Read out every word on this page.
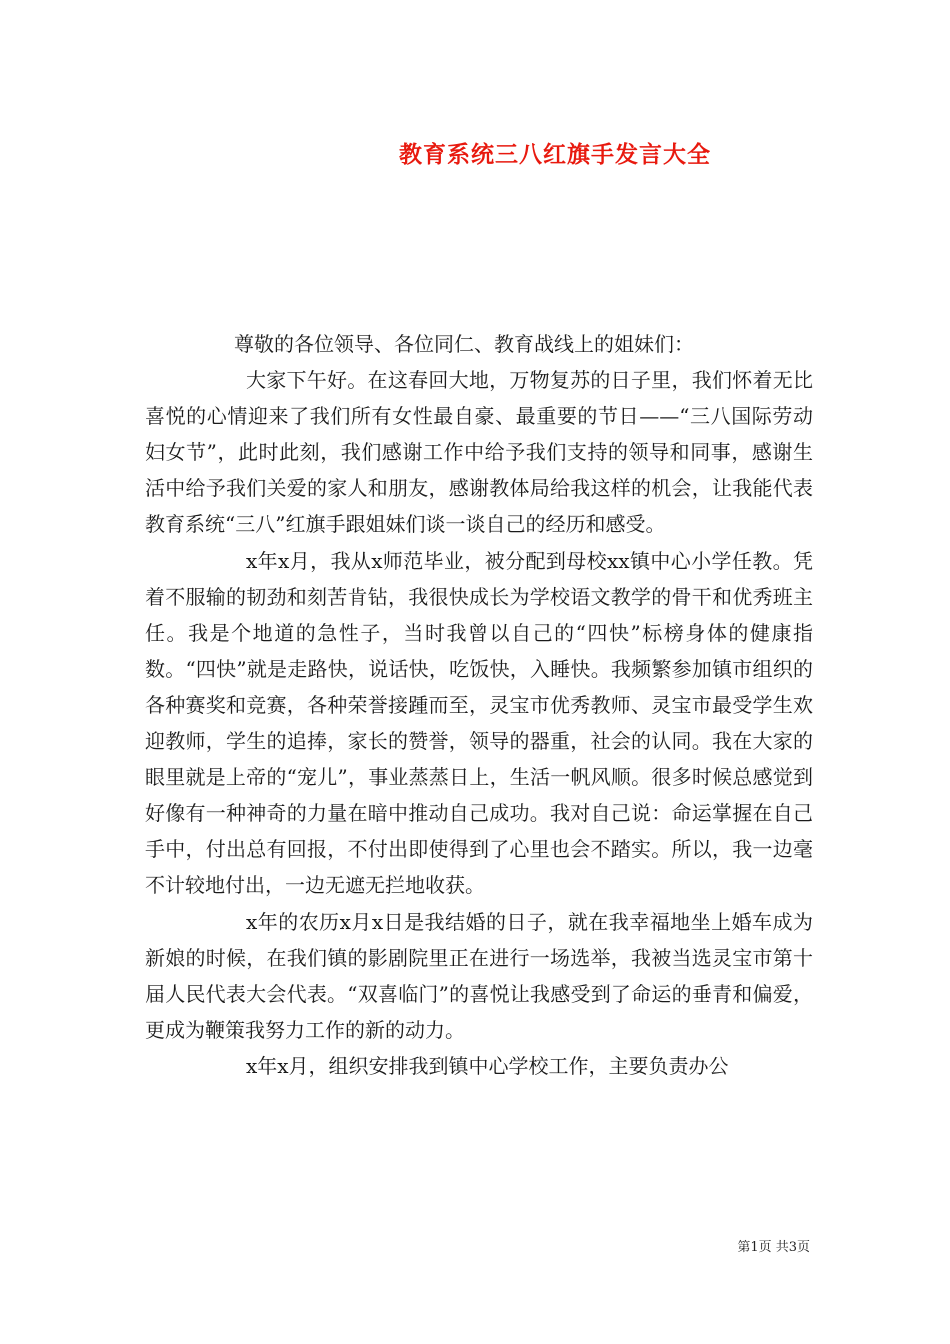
教育系统三八红旗手发言大全

尊敬的各位领导、各位同仁、教育战线上的姐妹们：

大家下午好。在这春回大地，万物复苏的日子里，我们怀着无比喜悦的心情迎来了我们所有女性最自豪、最重要的节日——“三八国际劳动妇女节”，此时此刻，我们感谢工作中给予我们支持的领导和同事，感谢生活中给予我们关爱的家人和朋友，感谢教体局给我这样的机会，让我能代表教育系统“三八”红旗手跟姐妹们谈一谈自己的经历和感受。

x年x月，我从x师范毕业，被分配到母校xx镇中心小学任教。凭着不服输的韧劲和刻苦肯钻，我很快成长为学校语文教学的骨干和优秀班主任。我是个地道的急性子，当时我曾以自己的“四快”标榜身体的健康指数。“四快”就是走路快，说话快，吃饭快，入睡快。我频繁参加镇市组织的各种赛奖和竞赛，各种荣誉接踵而至，灵宝市优秀教师、灵宝市最受学生欢迎教师，学生的追捧，家长的赞誉，领导的器重，社会的认同。我在大家的眼里就是上帝的“宠儿”，事业蒸蒸日上，生活一帆风顺。很多时候总感觉到好像有一种神奇的力量在暗中推动自己成功。我对自己说：命运掌握在自己手中，付出总有回报，不付出即使得到了心里也会不踏实。所以，我一边毫不计较地付出，一边无遮无拦地收获。

x年的农历x月x日是我结婚的日子，就在我幸福地坐上婚车成为新娘的时候，在我们镇的影剧院里正在进行一场选举，我被当选灵宝市第十届人民代表大会代表。“双喜临门”的喜悦让我感受到了命运的垂青和偏爱，更成为鞭策我努力工作的新的动力。

x年x月，组织安排我到镇中心学校工作，主要负责办公

第1页 共3页
